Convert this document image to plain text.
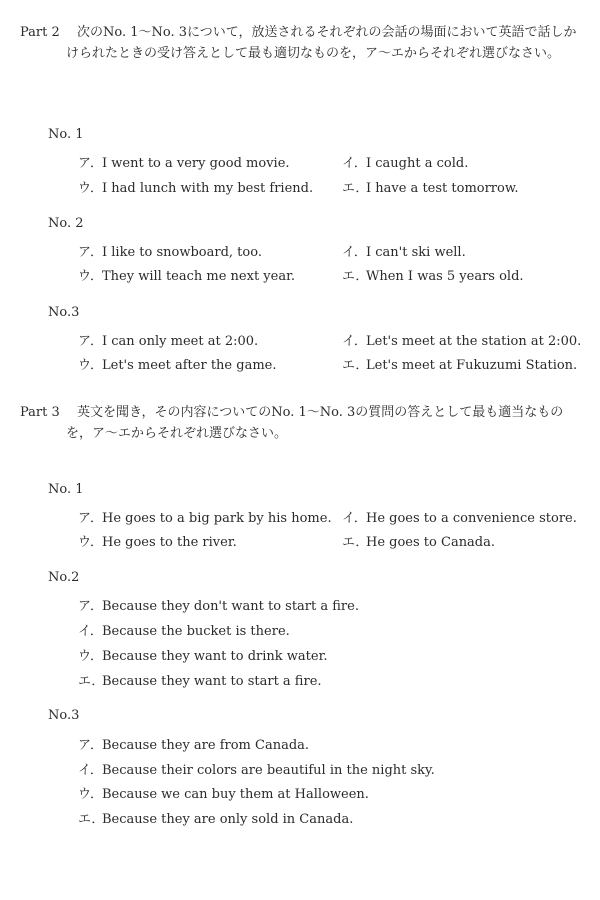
Part 2	次のNo. 1～No. 3について，放送されるそれぞれの会話の場面において英語で話しかけられたときの受け答えとして最も適切なものを，ア～エからそれぞれ選びなさい。
No. 1
ア．I went to a very good movie.	イ．I caught a cold.
ウ．I had lunch with my best friend. エ．I have a test tomorrow.
No. 2
ア．I like to snowboard, too.	イ．I can't ski well.
ウ．They will teach me next year.	エ．When I was 5 years old.
No.3
ア．I can only meet at 2:00.	イ．Let's meet at the station at 2:00.
ウ．Let's meet after the game.	エ．Let's meet at Fukuzumi Station.
Part 3	英文を聞き，その内容についてのNo. 1～No. 3の質問の答えとして最も適当なものを，ア～エからそれぞれ選びなさい。
No. 1
ア．He goes to a big park by his home. イ．He goes to a convenience store.
ウ．He goes to the river.	エ．He goes to Canada.
No.2
ア．Because they don't want to start a fire.
イ．Because the bucket is there.
ウ．Because they want to drink water.
エ．Because they want to start a fire.
No.3
ア．Because they are from Canada.
イ．Because their colors are beautiful in the night sky.
ウ．Because we can buy them at Halloween.
エ．Because they are only sold in Canada.
